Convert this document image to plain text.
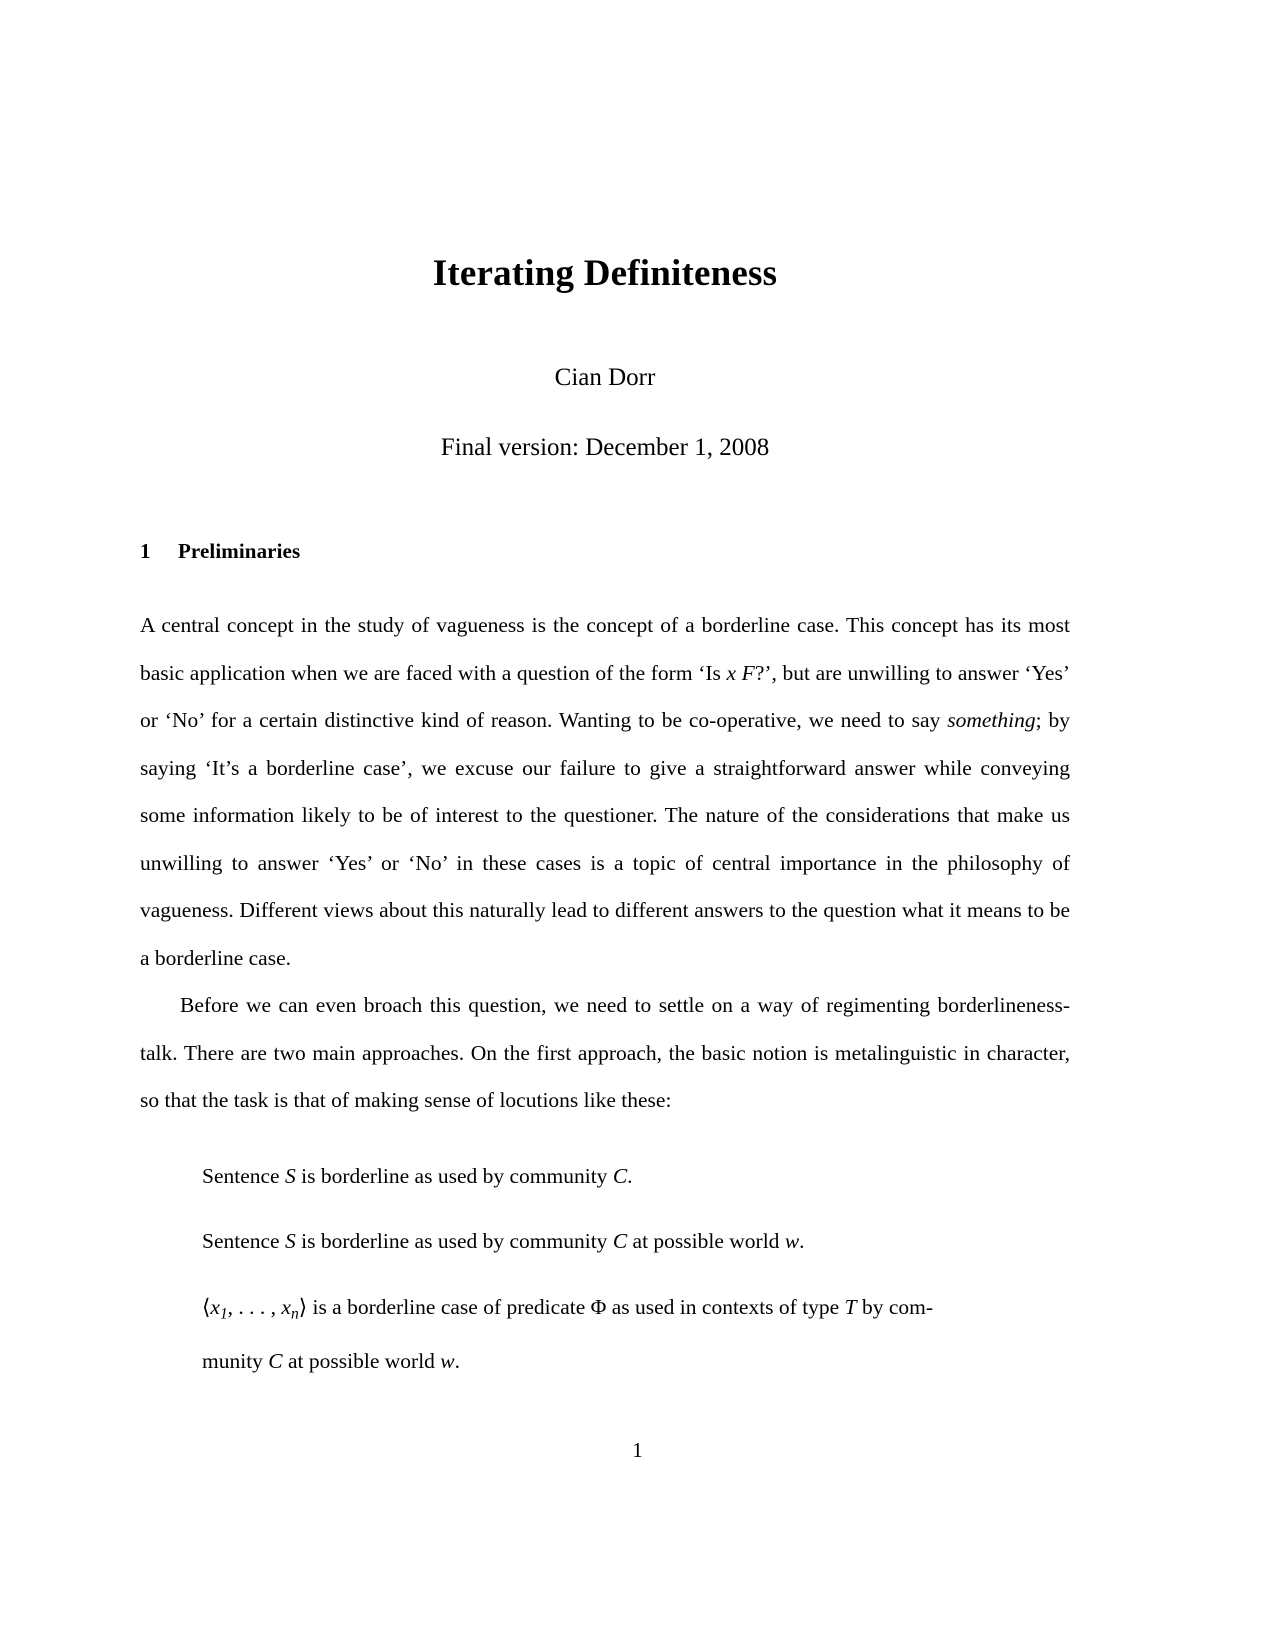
Iterating Definiteness
Cian Dorr
Final version: December 1, 2008
1 Preliminaries

A central concept in the study of vagueness is the concept of a borderline case. This concept has its most basic application when we are faced with a question of the form ‘Is x F?’, but are unwilling to answer ‘Yes’ or ‘No’ for a certain distinctive kind of reason. Wanting to be co-operative, we need to say something; by saying ‘It’s a borderline case’, we excuse our failure to give a straightforward answer while conveying some information likely to be of interest to the questioner. The nature of the considerations that make us unwilling to answer ‘Yes’ or ‘No’ in these cases is a topic of central importance in the philosophy of vagueness. Different views about this naturally lead to different answers to the question what it means to be a borderline case.

Before we can even broach this question, we need to settle on a way of regimenting borderlineness-talk. There are two main approaches. On the first approach, the basic notion is metalinguistic in character, so that the task is that of making sense of locutions like these:

Sentence S is borderline as used by community C.
Sentence S is borderline as used by community C at possible world w.
$⟨x_1$, . . . , $x_n⟩$ is a borderline case of predicate Φ as used in contexts of type T by com-
munity C at possible world w.
1
